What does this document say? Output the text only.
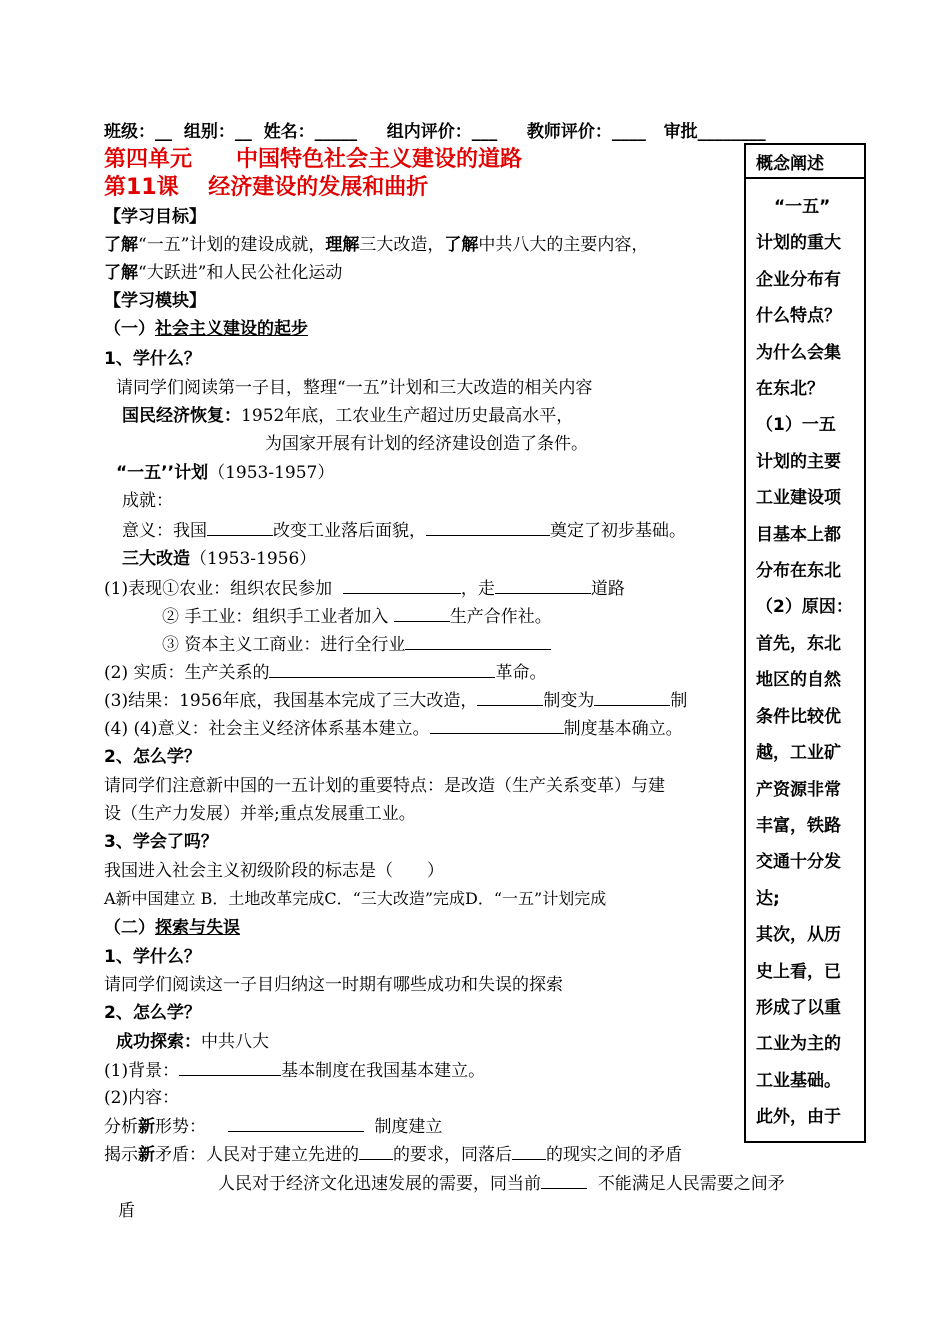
班级：__ 组别：__ 姓名：_____ 组内评价：___ 教师评价：____ 审批________
第四单元　　中国特色社会主义建设的道路
第11课　 经济建设的发展和曲折
【学习目标】
了解“一五”计划的建设成就，理解三大改造，了解中共八大的主要内容，
了解“大跃进”和人民公社化运动
【学习模块】
（一）社会主义建设的起步
1、学什么？
请同学们阅读第一子目，整理“一五”计划和三大改造的相关内容
国民经济恢复：1952年底，工农业生产超过历史最高水平，
为国家开展有计划的经济建设创造了条件。
“一五’’计划（1953-1957）
成就：
意义：我国	改变工业落后面貌，	奠定了初步基础。
三大改造（1953-1956）
(1)表现①农业：组织农民参加	，走	道路
② 手工业：组织手工业者加入	生产合作社。
③ 资本主义工商业：进行全行业
(2) 实质：生产关系的	革命。
(3)结果：1956年底，我国基本完成了三大改造，	制变为	制
(4) (4)意义：社会主义经济体系基本建立。	制度基本确立。
2、怎么学？
请同学们注意新中国的一五计划的重要特点：是改造（生产关系变革）与建
设（生产力发展）并举;重点发展重工业。
3、学会了吗？
我国进入社会主义初级阶段的标志是（　　）
A新中国建立 B．土地改革完成C．“三大改造”完成D．“一五”计划完成
（二）探索与失误
1、学什么？
请同学们阅读这一子目归纳这一时期有哪些成功和失误的探索
2、怎么学？
成功探索：中共八大
(1)背景：	基本制度在我国基本建立。
(2)内容：
分析新形势：	制度建立
揭示新矛盾：人民对于建立先进的 的要求，同落后 的现实之间的矛盾
人民对于经济文化迅速发展的需要，同当前	不能满足人民需要之间矛
盾
概念阐述
“一五”
计划的重大
企业分布有
什么特点？
为什么会集
在东北？
（1）一五
计划的主要
工业建设项
目基本上都
分布在东北
（2）原因：
首先，东北
地区的自然
条件比较优
越，工业矿
产资源非常
丰富，铁路
交通十分发
达;
其次，从历
史上看，已
形成了以重
工业为主的
工业基础。
此外，由于
